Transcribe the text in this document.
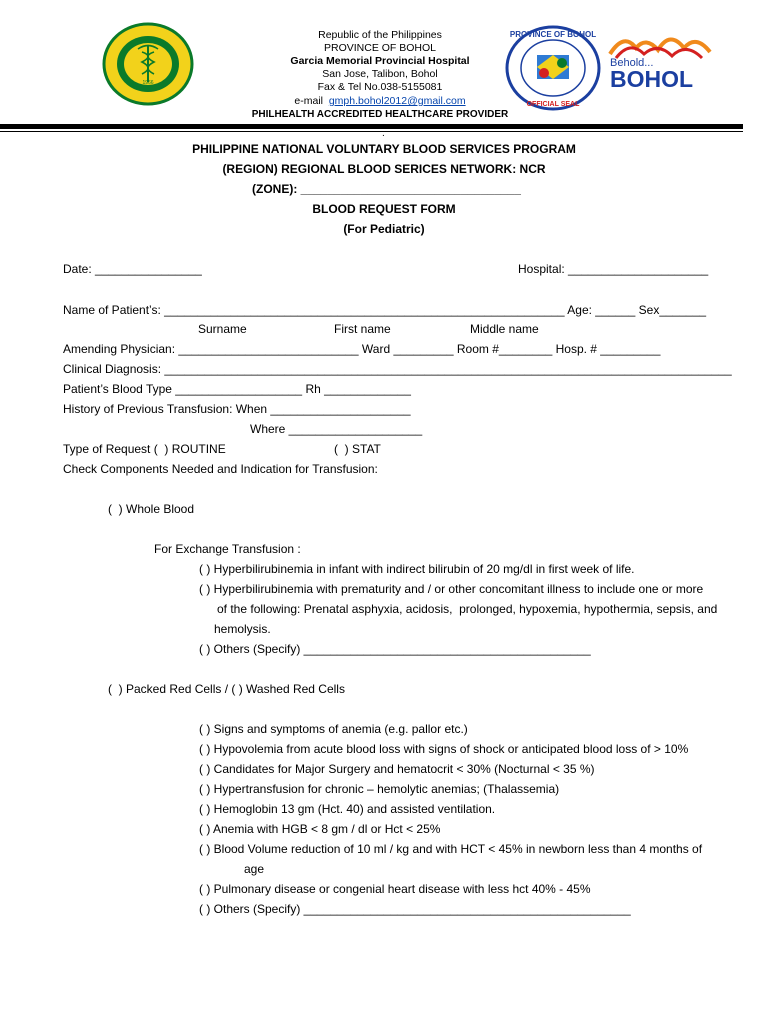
1966
PROVINCE OF BOHOL
OFFICIAL SEAL
Behold...
BOHOL
Republic of the Philippines
PROVINCE OF BOHOL
Garcia Memorial Provincial Hospital
San Jose, Talibon, Bohol
Fax & Tel No.038-5155081
e-mail gmph.bohol2012@gmail.com
PHILHEALTH ACCREDITED HEALTHCARE PROVIDER
.
PHILIPPINE NATIONAL VOLUNTARY BLOOD SERVICES PROGRAM
(REGION) REGIONAL BLOOD SERICES NETWORK: NCR
(ZONE): _________________________________
BLOOD REQUEST FORM
(For Pediatric)
Date: ________________	Hospital: _____________________
Name of Patient’s: ____________________________________________________________ Age: ______ Sex_______
Surname	First name	Middle name
Amending Physician: ___________________________ Ward _________ Room #________ Hosp. # _________
Clinical Diagnosis: _____________________________________________________________________________________
Patient’s Blood Type ___________________ Rh _____________
History of Previous Transfusion: When _____________________
Where ____________________
Type of Request (  ) ROUTINE	(  ) STAT
Check Components Needed and Indication for Transfusion:
(  ) Whole Blood
For Exchange Transfusion :
( ) Hyperbilirubinemia in infant with indirect bilirubin of 20 mg/dl in first week of life.
( ) Hyperbilirubinemia with prematurity and / or other concomitant illness to include one or more
of the following: Prenatal asphyxia, acidosis,  prolonged, hypoxemia, hypothermia, sepsis, and
hemolysis.
( ) Others (Specify) ___________________________________________
(  ) Packed Red Cells / ( ) Washed Red Cells
( ) Signs and symptoms of anemia (e.g. pallor etc.)
( ) Hypovolemia from acute blood loss with signs of shock or anticipated blood loss of > 10%
( ) Candidates for Major Surgery and hematocrit < 30% (Nocturnal < 35 %)
( ) Hypertransfusion for chronic – hemolytic anemias; (Thalassemia)
( ) Hemoglobin 13 gm (Hct. 40) and assisted ventilation.
( ) Anemia with HGB < 8 gm / dl or Hct < 25%
( ) Blood Volume reduction of 10 ml / kg and with HCT < 45% in newborn less than 4 months of
age
( ) Pulmonary disease or congenial heart disease with less hct 40% - 45%
( ) Others (Specify) _________________________________________________
